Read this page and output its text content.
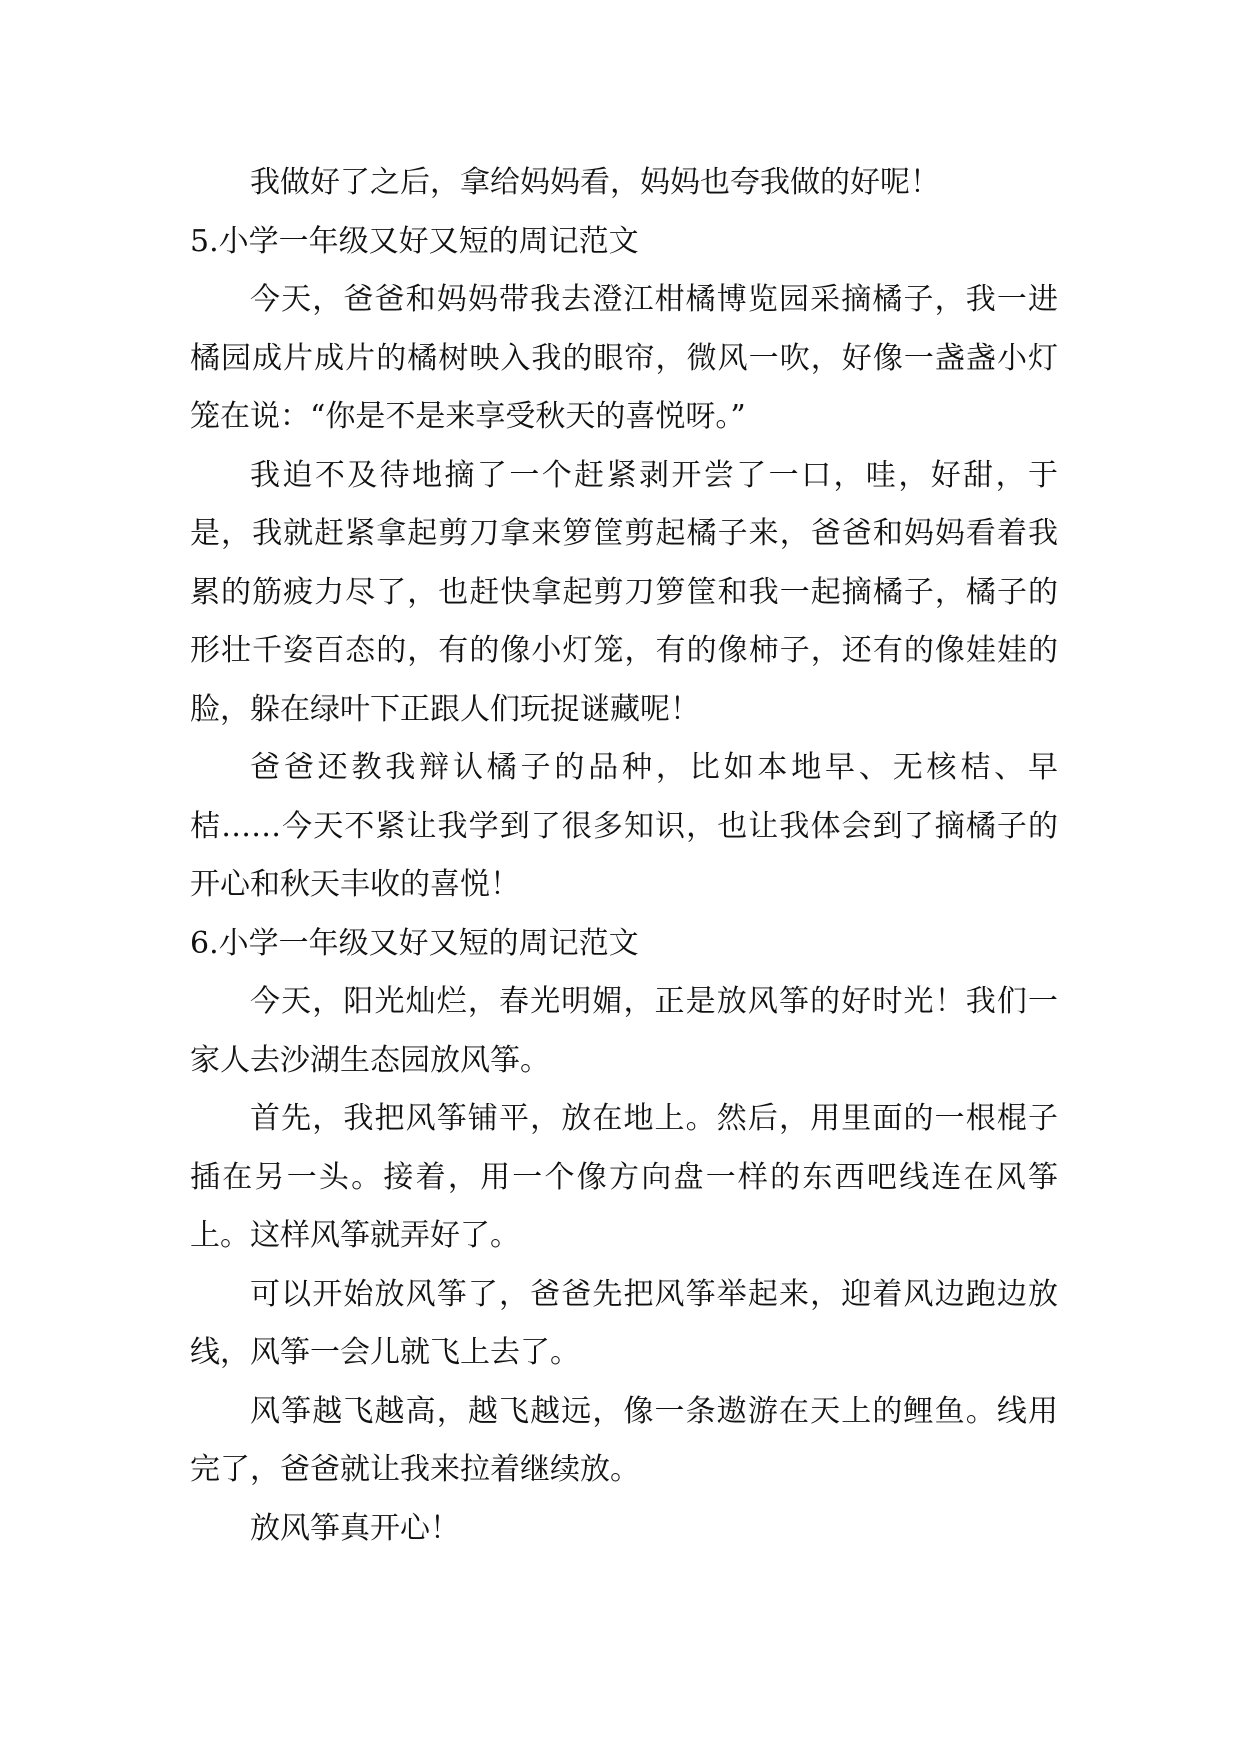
我做好了之后，拿给妈妈看，妈妈也夸我做的好呢！

5.小学一年级又好又短的周记范文

今天，爸爸和妈妈带我去澄江柑橘博览园采摘橘子，我一进橘园成片成片的橘树映入我的眼帘，微风一吹，好像一盏盏小灯笼在说：“你是不是来享受秋天的喜悦呀。”

我迫不及待地摘了一个赶紧剥开尝了一口，哇，好甜，于是，我就赶紧拿起剪刀拿来箩筐剪起橘子来，爸爸和妈妈看着我累的筋疲力尽了，也赶快拿起剪刀箩筐和我一起摘橘子，橘子的形壮千姿百态的，有的像小灯笼，有的像柿子，还有的像娃娃的脸，躲在绿叶下正跟人们玩捉谜藏呢！

爸爸还教我辩认橘子的品种，比如本地早、无核桔、早桔……今天不紧让我学到了很多知识，也让我体会到了摘橘子的开心和秋天丰收的喜悦！

6.小学一年级又好又短的周记范文

今天，阳光灿烂，春光明媚，正是放风筝的好时光！我们一家人去沙湖生态园放风筝。

首先，我把风筝铺平，放在地上。然后，用里面的一根棍子插在另一头。接着，用一个像方向盘一样的东西吧线连在风筝上。这样风筝就弄好了。

可以开始放风筝了，爸爸先把风筝举起来，迎着风边跑边放线，风筝一会儿就飞上去了。

风筝越飞越高，越飞越远，像一条遨游在天上的鲤鱼。线用完了，爸爸就让我来拉着继续放。

放风筝真开心！
